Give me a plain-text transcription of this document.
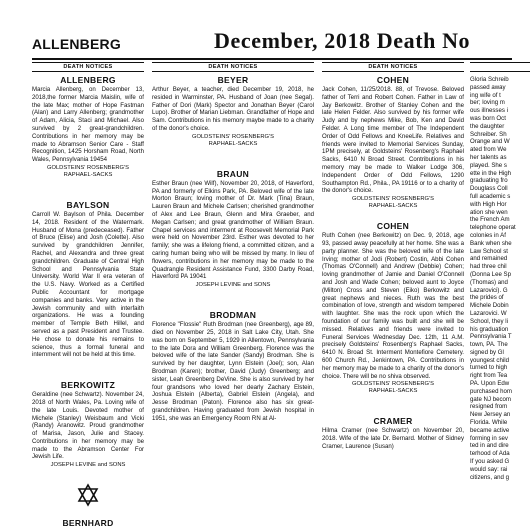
ALLENBERG	December, 2018 Death No
DEATH NOTICES
ALLENBERG

Marcia Allenberg, on December 13, 2018,the former Marcia Maislin, wife of the late Max; mother of Hope Fastman (Alan) and Larry Allenberg; grandmother of Adam, Alicia, Staci and Michael. Also survived by 2 great-grandchildren. Contributions in her memory may be made to Abramson Senior Care - Staff Recognition, 1425 Horsham Road, North Wales, Pennsylvania 19454

GOLDSTEINS' ROSENBERG'S
RAPHAEL-SACKS
BAYLSON

Carroll W. Baylson of Phila. December 14, 2018. Resident of the Watermark. Husband of Mona (predeceased). Father of Bruce (Elise) and Josh (Colette). Also survived by grandchildren Jennifer, Rachel, and Alexandra and three great grandchildren. Graduate of Central High School and Pennsylvania State University. World War II era veteran of the U.S. Navy. Worked as a Certified Public Accountant for mortgage companies and banks. Very active in the Jewish community and with interfaith organizations. He was a founding member of Temple Beth Hillel, and served as a past President and Trustee. He chose to donate his remains to science, thus a formal funeral and internment will not be held at this time.

BERKOWITZ

Geraldine (nee Schwartz). November 24, 2018 of North Wales, Pa. Loving wife of the late Louis. Devoted mother of Michele (Stanley) Weisbaum and Vicki (Randy) Aranowitz. Proud grandmother of Marisa, Jason, Julie and Stacey. Contributions in her memory may be made to the Abramson Center For Jewish Life.

JOSEPH LEVINE and SONS
BERNHARD
DEATH NOTICES
BEYER

Arthur Beyer, a teacher, died December 19, 2018, he resided in Warminster, PA. Husband of Joan (nee Segal). Father of Dori (Mark) Spector and Jonathan Beyer (Carol Lupo). Brother of Marian Liebman. Grandfather of Hope and Sam. Contributions in his memory maybe made to a charity of the donor's choice.

GOLDSTEINS' ROSENBERG'S
RAPHAEL-SACKS
BRAUN

Esther Braun (nee Wilf), November 20, 2018, of Haverford, PA and formerly of Elkins Park, PA. Beloved wife of the late Morton Braun; loving mother of Dr. Mark (Tina) Braun, Lauren Braun and Michele Carlsen; cherished grandmother of Alex and Lee Braun, Glenn and Mira Graeber, and Megan Carlsen; and great grandmother of William Braun. Chapel services and interment at Roosevelt Memorial Park were held on November 23rd. Esther was devoted to her family; she was a lifelong friend, a committed citizen, and a caring human being who will be missed by many. In lieu of flowers, contributions in her memory may be made to the Quadrangle Resident Assistance Fund, 3300 Darby Road, Haverford PA 19041

JOSEPH LEVINE and SONS
BRODMAN

Florence "Flossie" Ruth Brodman (nee Greenberg), age 89, died on November 25, 2018 in Salt Lake City, Utah. She was born on September 5, 1929 in Allentown, Pennsylvania to the late Dora and William Greenberg. Florence was the beloved wife of the late Sander (Sandy) Brodman. She is survived by her daughter, Lynn Elstein (Joel); son, Alan Brodman (Karen); brother, David (Judy) Greenberg; and sister, Leah Greenberg DeVine. She is also survived by her four grandsons who loved her dearly Zachary Elstein, Joshua Elstein (Alberta), Gabriel Elstein (Angela), and Jesse Brodman (Paton). Florence also has six great-grandchildren. Having graduated from Jewish hospital in 1951, she was an Emergency Room RN at Al-

DEATH NOTICES
COHEN

Jack Cohen, 11/25/2018. 88, of Trevose. Beloved father of Terri and Robert Cohen. Father in Law of Jay Berkowitz. Brother of Stanley Cohen and the late Helen Felder. Also survived by his former wife Judy and by nephews Mike, Bob, Ken and David Felder. A Long time member of The Independent Order of Odd Fellows and KneeLife. Relatives and friends were invited to Memorial Services Sunday, 1PM precisely, at Goldsteins' Rosenberg's Raphael Sacks, 6410 N Broad Street. Contributions in his memory may be made to Walker Lodge 306, Independent Order of Odd Fellows, 1290 Southampton Rd., Phila., PA 19116 or to a charity of the donor's choice.

GOLDSTEINS' ROSENBERG'S
RAPHAEL-SACKS
COHEN

Ruth Cohen (nee Berkowitz) on Dec. 9, 2018, age 93, passed away peacefully at her home. She was a party planner. She was the beloved wife of the late Irving; mother of Jodi (Robert) Costin, Abbi Cohen (Thomas O'Connell) and Andrew (Debbie) Cohen; loving grandmother of Jamie and Daniel O'Connell and Josh and Wade Cohen; beloved aunt to Joyce (Milton) Cross and Steven (Eiko) Berkowitz and great nephews and nieces. Ruth was the best combination of love, strength and wisdom tempered with laughter. She was the rock upon which the foundation of our family was built and she will be missed. Relatives and friends were invited to Funeral Services Wednesday Dec. 12th, 11 A.M. precisely Goldsteins' Rosenberg's Raphael Sacks, 6410 N. Broad St. Interment Montefiore Cemetery. 600 Church Rd., Jenkintown, PA. Contributions in her memory may be made to a charity of the donor's choice. There will be no shiva observed.

GOLDSTEINS' ROSENBERG'S
RAPHAEL-SACKS
CRAMER

Hilma Cramer (nee Schwartz) on November 20, 2018. Wife of the late Dr. Bernard. Mother of Sidney Cramer, Laurence (Susan)

Gloria Schreib
passed away
ing wife of t
ber; loving m
ous illnesses i
was born Oct
the daughter
Schreiber. Sh
Orange and W
ated from We
her talents as
played. She s
ette in the High
graduating fro
Douglass Coll
full academic s
with High Hor
ation she wen
the French Am
telephone operat
colonies in Af
Bank when she
Law School st
and remained
had three chil
(Donna Lee Sp
(Thomas) and
Lazarovici). G
the prides of
Michele Dobin
Lazarovici. W
School, they li
his graduation
Pennsylvania T
town, PA. The
signed by Gl
youngest child
turned to high
right from Tea
PA. Upon Edw
purchased hom
gate NJ becom
resigned from
New Jersey an
Florida. While
became active
forming in sev
ted in and dire
terhood of Ada
If you asked G
would say: rai
citizens, and g
